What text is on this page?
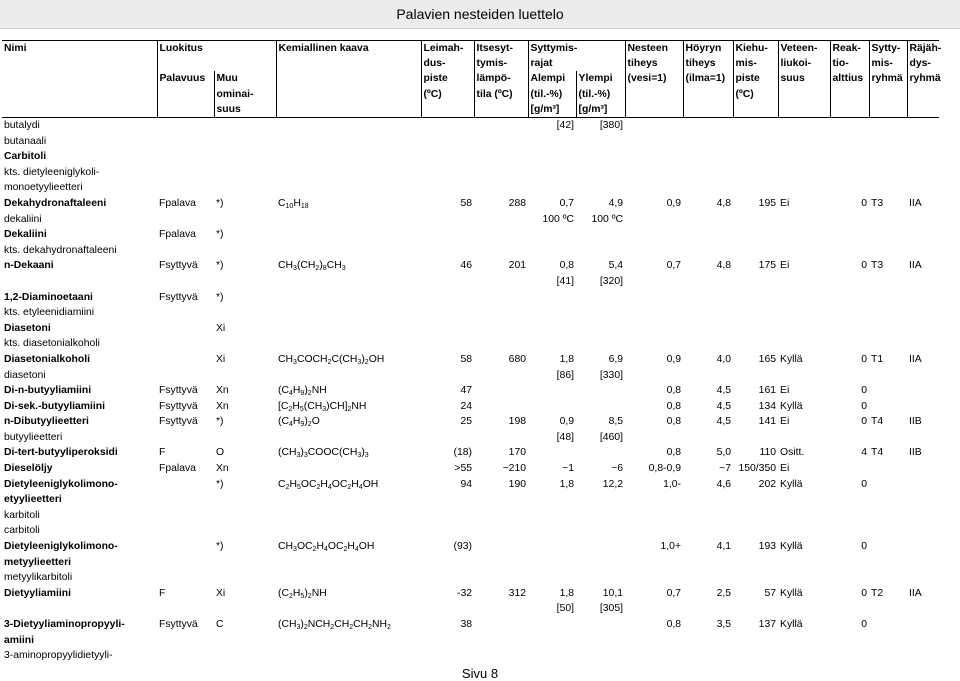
Palavien nesteiden luettelo
Nimi	Luokitus		Kemiallinen kaava	Leimah-	Itsesyt-	Syttymis-		Nesteen	Höyryn	Kiehu-	Veteen-	Reak-	Sytty-	Räjäh-
				dus-	tymis-	rajat		tiheys	tiheys	mis-	liukoi-	tio-	mis-	dys-
	Palavuus	Muu		piste	lämpö-	Alempi	Ylempi	(vesi=1)	(ilma=1)	piste	suus	alttius	ryhmä	ryhmä
		ominai-		(ºC)	tila (ºC)	(til.-%)	(til.-%)			(ºC)				
		suus				[g/m³]	[g/m³]							
butalydi						[42]	[380]							
butanaali														
Carbitoli														
kts. dietyleeniglykoli-														
monoetyylieetteri														
Dekahydronaftaleeni	Fpalava	*)	$C_{10}H_{18}$	58	288	0,7	4,9	0,9	4,8	195	Ei	0	T3	IIA
dekaliini						100 ºC	100 ºC							
Dekaliini	Fpalava	*)												
kts. dekahydronaftaleeni														
n-Dekaani	Fsyttyvä	*)	$CH_3(CH_2)_8CH_3$	46	201	0,8	5,4	0,7	4,8	175	Ei	0	T3	IIA
						[41]	[320]							
1,2-Diaminoetaani	Fsyttyvä	*)												
kts. etyleenidiamiini														
Diasetoni		Xi												
kts. diasetonialkoholi														
Diasetonialkoholi		Xi	$CH_3COCH_2C(CH_3)_2OH$	58	680	1,8	6,9	0,9	4,0	165	Kyllä	0	T1	IIA
diasetoni						[86]	[330]							
Di-n-butyyliamiini	Fsyttyvä	Xn	$(C_4H_9)_2NH$	47				0,8	4,5	161	Ei	0		
Di-sek.-butyyliamiini	Fsyttyvä	Xn	$[C_2H_5(CH_3)CH]_2NH$	24				0,8	4,5	134	Kyllä	0		
n-Dibutyylieetteri	Fsyttyvä	*)	$(C_4H_9)_2O$	25	198	0,9	8,5	0,8	4,5	141	Ei	0	T4	IIB
butyylieetteri						[48]	[460]							
Di-tert-butyyliperoksidi	F	O	$(CH_3)_3COOC(CH_3)_3$	(18)	170			0,8	5,0	110	Ositt.	4	T4	IIB
Dieselöljy	Fpalava	Xn		>55	~210	~1	~6	0,8-0,9	~7	150/350	Ei			
Dietyleeniglykolimono-		*)	$C_2H_5OC_2H_4OC_2H_4OH$	94	190	1,8	12,2	1,0-	4,6	202	Kyllä	0		
etyylieetteri														
karbitoli														
carbitoli														
Dietyleeniglykolimono-		*)	$CH_3OC_2H_4OC_2H_4OH$	(93)				1,0+	4,1	193	Kyllä	0		
metyylieetteri														
metyylikarbitoli														
Dietyyliamiini	F	Xi	$(C_2H_5)_2NH$	-32	312	1,8	10,1	0,7	2,5	57	Kyllä	0	T2	IIA
						[50]	[305]							
3-Dietyyliaminopropyyli-	Fsyttyvä	C	$(CH_3)_2NCH_2CH_2CH_2NH_2$	38				0,8	3,5	137	Kyllä	0		
amiini														
3-aminopropyylidietyyli-														
Sivu 8
